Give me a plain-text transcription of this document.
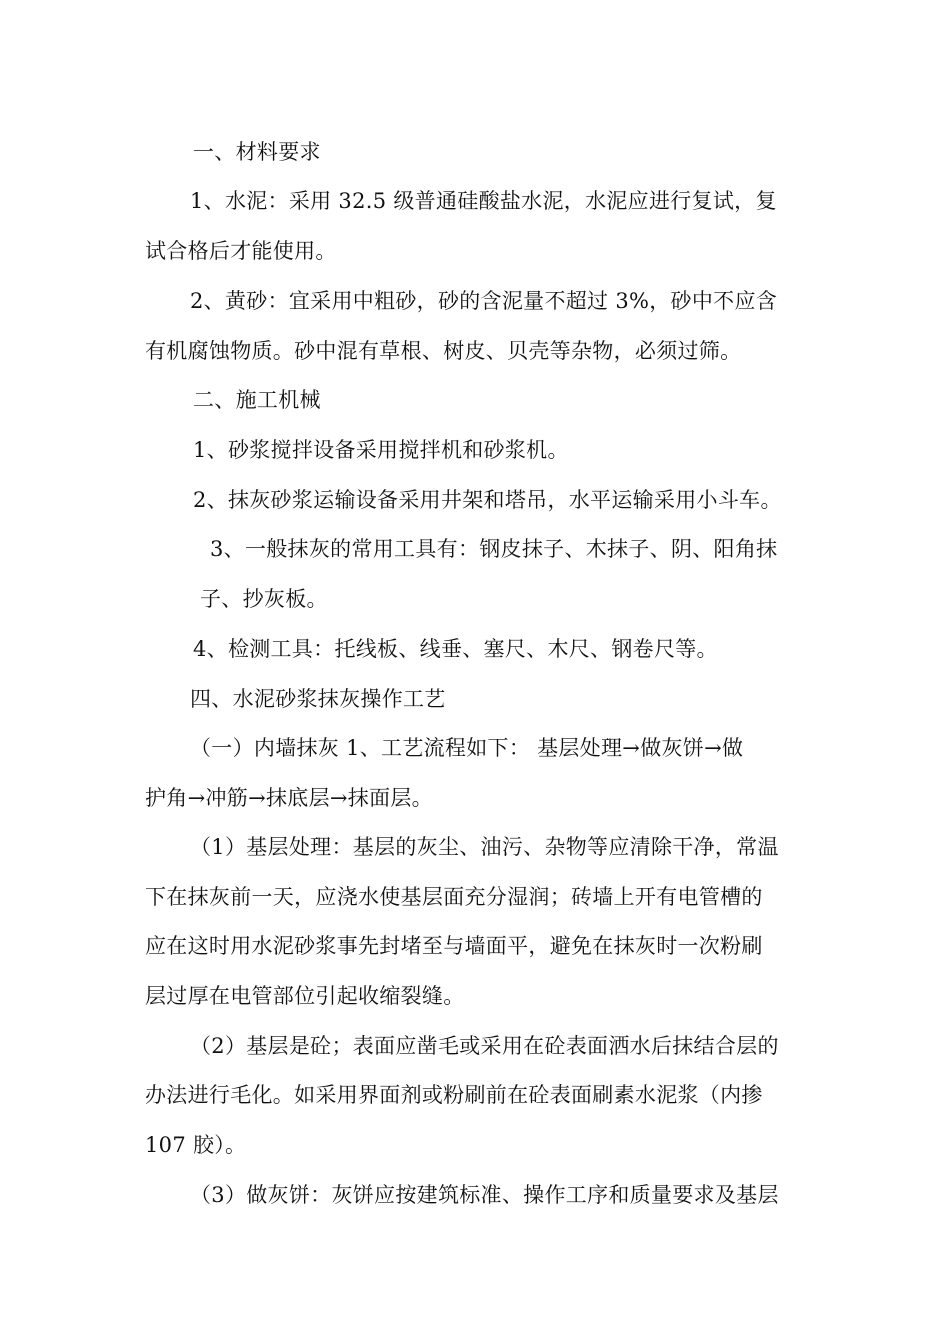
一、材料要求

1、水泥：采用 32.5 级普通硅酸盐水泥，水泥应进行复试，复

试合格后才能使用。

2、黄砂：宜采用中粗砂，砂的含泥量不超过 3%，砂中不应含

有机腐蚀物质。砂中混有草根、树皮、贝壳等杂物，必须过筛。

二、施工机械

1、砂浆搅拌设备采用搅拌机和砂浆机。

2、抹灰砂浆运输设备采用井架和塔吊，水平运输采用小斗车。

3、一般抹灰的常用工具有：钢皮抹子、木抹子、阴、阳角抹

子、抄灰板。

4、检测工具：托线板、线垂、塞尺、木尺、钢卷尺等。

四、水泥砂浆抹灰操作工艺

（一）内墙抹灰 1、工艺流程如下： 基层处理→做灰饼→做

护角→冲筋→抹底层→抹面层。

（1）基层处理：基层的灰尘、油污、杂物等应清除干净，常温

下在抹灰前一天，应浇水使基层面充分湿润；砖墙上开有电管槽的

应在这时用水泥砂浆事先封堵至与墙面平，避免在抹灰时一次粉刷

层过厚在电管部位引起收缩裂缝。

（2）基层是砼；表面应凿毛或采用在砼表面洒水后抹结合层的

办法进行毛化。如采用界面剂或粉刷前在砼表面刷素水泥浆（内掺

107 胶）。

（3）做灰饼：灰饼应按建筑标准、操作工序和质量要求及基层
